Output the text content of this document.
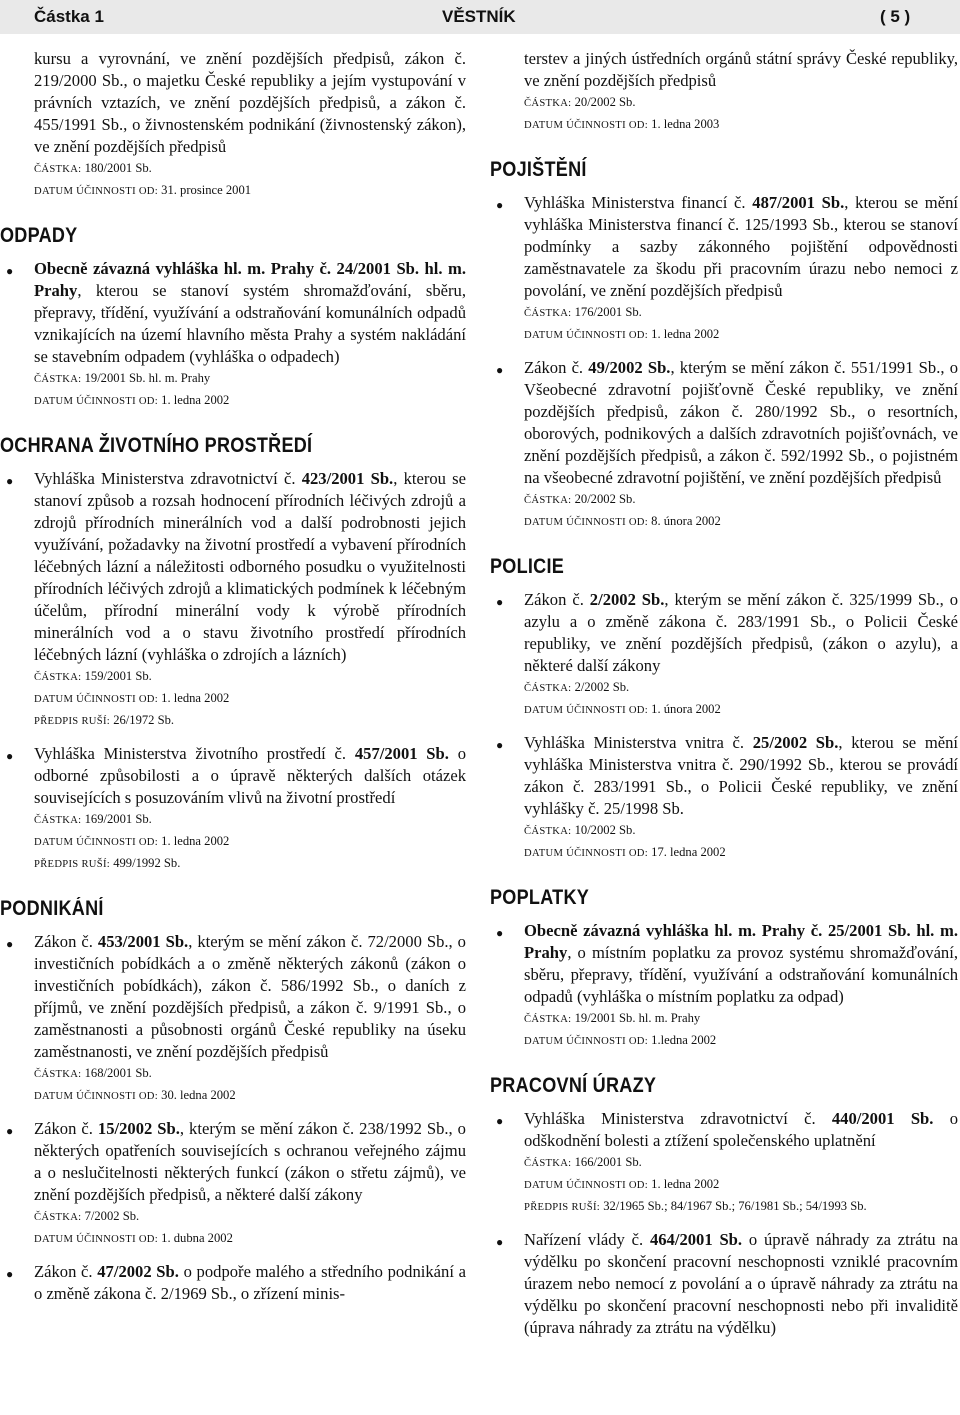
Částka 1	VĚSTNÍK	( 5 )

kursu a vyrovnání, ve znění pozdějších předpisů, zákon č. 219/2000 Sb., o majetku České republiky a jejím vystupování v právních vztazích, ve znění pozdějších předpisů, a zákon č. 455/1991 Sb., o živnostenském podnikání (živnostenský zákon), ve znění pozdějších předpisů

ČÁSTKA: 180/2001 Sb.
DATUM ÚČINNOSTI OD: 31. prosince 2001
ODPADY
●	Obecně závazná vyhláška hl. m. Prahy č. 24/2001 Sb. hl. m. Prahy, kterou se stanoví systém shromažďování, sběru, přepravy, třídění, využívání a odstraňování komunálních odpadů vznikajících na území hlavního města Prahy a systém nakládání se stavebním odpadem (vyhláška o odpadech)

ČÁSTKA: 19/2001 Sb. hl. m. Prahy
DATUM ÚČINNOSTI OD: 1. ledna 2002
OCHRANA ŽIVOTNÍHO PROSTŘEDÍ
●	Vyhláška Ministerstva zdravotnictví č. 423/2001 Sb., kterou se stanoví způsob a rozsah hodnocení přírodních léčivých zdrojů a zdrojů přírodních minerálních vod a další podrobnosti jejich využívání, požadavky na životní prostředí a vybavení přírodních léčebných lázní a náležitosti odborného posudku o využitelnosti přírodních léčivých zdrojů a klimatických podmínek k léčebným účelům, přírodní minerální vody k výrobě přírodních minerálních vod a o stavu životního prostředí přírodních léčebných lázní (vyhláška o zdrojích a lázních)

ČÁSTKA: 159/2001 Sb.
DATUM ÚČINNOSTI OD: 1. ledna 2002
PŘEDPIS RUŠÍ: 26/1972 Sb.
●	Vyhláška Ministerstva životního prostředí č. 457/2001 Sb. o odborné způsobilosti a o úpravě některých dalších otázek souvisejících s posuzováním vlivů na životní prostředí

ČÁSTKA: 169/2001 Sb.
DATUM ÚČINNOSTI OD: 1. ledna 2002
PŘEDPIS RUŠÍ: 499/1992 Sb.
PODNIKÁNÍ
●	Zákon č. 453/2001 Sb., kterým se mění zákon č. 72/2000 Sb., o investičních pobídkách a o změně některých zákonů (zákon o investičních pobídkách), zákon č. 586/1992 Sb., o daních z příjmů, ve znění pozdějších předpisů, a zákon č. 9/1991 Sb., o zaměstnanosti a působnosti orgánů České republiky na úseku zaměstnanosti, ve znění pozdějších předpisů

ČÁSTKA: 168/2001 Sb.
DATUM ÚČINNOSTI OD: 30. ledna 2002
●	Zákon č. 15/2002 Sb., kterým se mění zákon č. 238/1992 Sb., o některých opatřeních souvisejících s ochranou veřejného zájmu a o neslučitelnosti některých funkcí (zákon o střetu zájmů), ve znění pozdějších předpisů, a některé další zákony

ČÁSTKA: 7/2002 Sb.
DATUM ÚČINNOSTI OD: 1. dubna 2002
●	Zákon č. 47/2002 Sb. o podpoře malého a středního podnikání a o změně zákona č. 2/1969 Sb., o zřízení minis-

terstev a jiných ústředních orgánů státní správy České republiky, ve znění pozdějších předpisů

ČÁSTKA: 20/2002 Sb.
DATUM ÚČINNOSTI OD: 1. ledna 2003
POJIŠTĚNÍ
●	Vyhláška Ministerstva financí č. 487/2001 Sb., kterou se mění vyhláška Ministerstva financí č. 125/1993 Sb., kterou se stanoví podmínky a sazby zákonného pojištění odpovědnosti zaměstnavatele za škodu při pracovním úrazu nebo nemoci z povolání, ve znění pozdějších předpisů

ČÁSTKA: 176/2001 Sb.
DATUM ÚČINNOSTI OD: 1. ledna 2002
●	Zákon č. 49/2002 Sb., kterým se mění zákon č. 551/1991 Sb., o Všeobecné zdravotní pojišťovně České republiky, ve znění pozdějších předpisů, zákon č. 280/1992 Sb., o resortních, oborových, podnikových a dalších zdravotních pojišťovnách, ve znění pozdějších předpisů, a zákon č. 592/1992 Sb., o pojistném na všeobecné zdravotní pojištění, ve znění pozdějších předpisů

ČÁSTKA: 20/2002 Sb.
DATUM ÚČINNOSTI OD: 8. února 2002
POLICIE
●	Zákon č. 2/2002 Sb., kterým se mění zákon č. 325/1999 Sb., o azylu a o změně zákona č. 283/1991 Sb., o Policii České republiky, ve znění pozdějších předpisů, (zákon o azylu), a některé další zákony

ČÁSTKA: 2/2002 Sb.
DATUM ÚČINNOSTI OD: 1. února 2002
●	Vyhláška Ministerstva vnitra č. 25/2002 Sb., kterou se mění vyhláška Ministerstva vnitra č. 290/1992 Sb., kterou se provádí zákon č. 283/1991 Sb., o Policii České republiky, ve znění vyhlášky č. 25/1998 Sb.

ČÁSTKA: 10/2002 Sb.
DATUM ÚČINNOSTI OD: 17. ledna 2002
POPLATKY
●	Obecně závazná vyhláška hl. m. Prahy č. 25/2001 Sb. hl. m. Prahy, o místním poplatku za provoz systému shromažďování, sběru, přepravy, třídění, využívání a odstraňování komunálních odpadů (vyhláška o místním poplatku za odpad)

ČÁSTKA: 19/2001 Sb. hl. m. Prahy
DATUM ÚČINNOSTI OD: 1.ledna 2002
PRACOVNÍ ÚRAZY
●	Vyhláška Ministerstva zdravotnictví č. 440/2001 Sb. o odškodnění bolesti a ztížení společenského uplatnění

ČÁSTKA: 166/2001 Sb.
DATUM ÚČINNOSTI OD: 1. ledna 2002
PŘEDPIS RUŠÍ: 32/1965 Sb.; 84/1967 Sb.; 76/1981 Sb.; 54/1993 Sb.
●	Nařízení vlády č. 464/2001 Sb. o úpravě náhrady za ztrátu na výdělku po skončení pracovní neschopnosti vzniklé pracovním úrazem nebo nemocí z povolání a o úpravě náhrady za ztrátu na výdělku po skončení pracovní neschopnosti nebo při invaliditě (úprava náhrady za ztrátu na výdělku)
